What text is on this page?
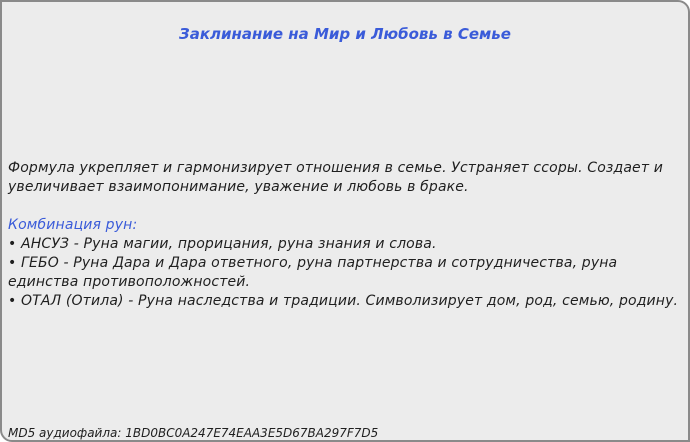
Заклинание на Мир и Любовь в Семье

Формула укрепляет и гармонизирует отношения в семье. Устраняет ссоры. Создает и увеличивает взаимопонимание, уважение и любовь в браке.

Комбинация рун:

• АНСУЗ - Руна магии, прорицания, руна знания и слова.

• ГЕБО - Руна Дара и Дара ответного, руна партнерства и сотрудничества, руна единства противоположностей.

• ОТАЛ (Отила) - Руна наследства и традиции. Символизирует дом, род, семью, родину.

MD5 аудиофайла: 1BD0BC0A247E74EAA3E5D67BA297F7D5
